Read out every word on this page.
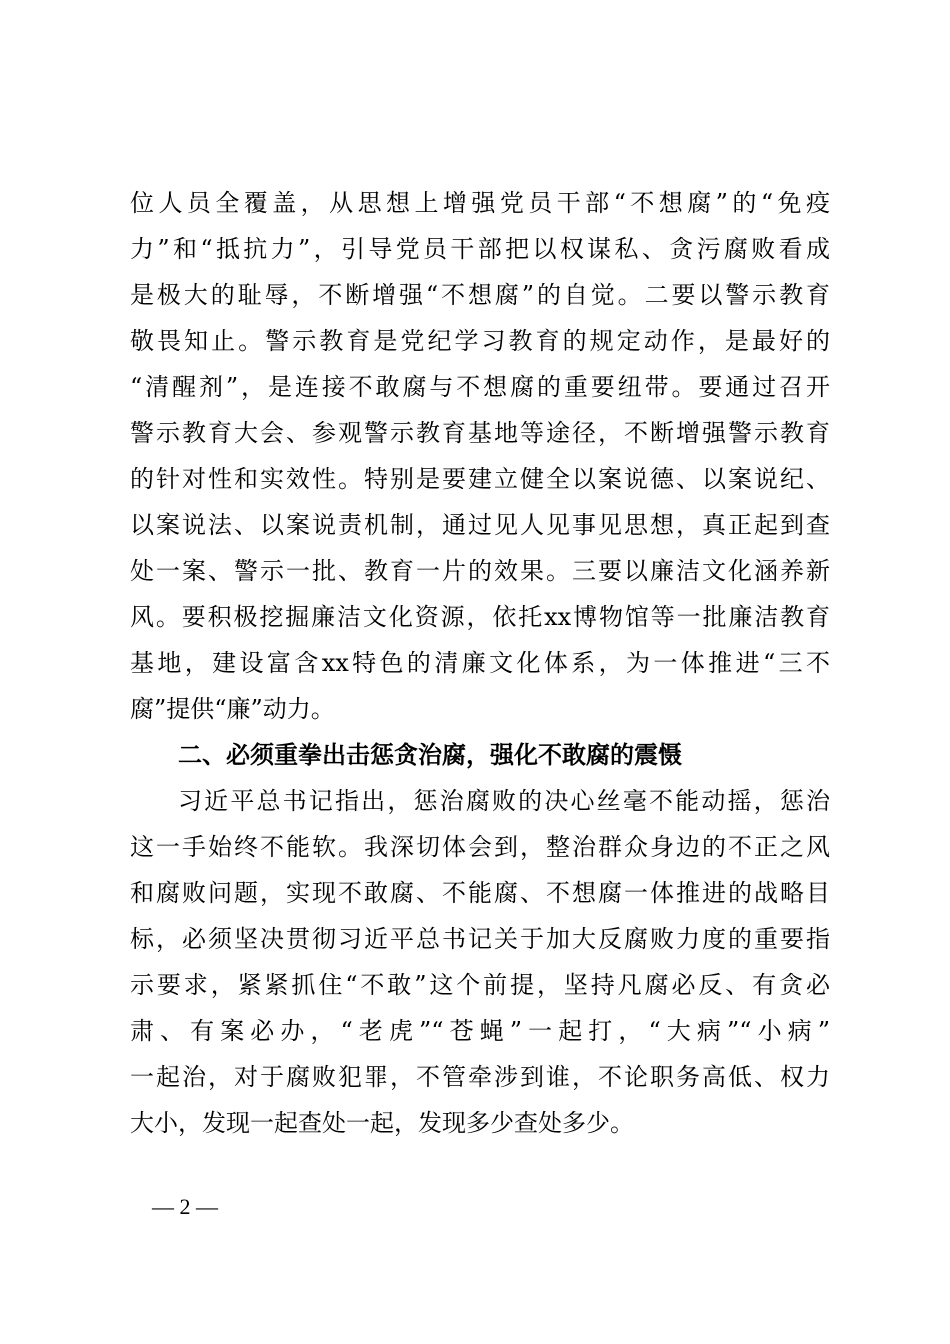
位人员全覆盖，从思想上增强党员干部“不想腐”的“免疫
力”和“抵抗力”，引导党员干部把以权谋私、贪污腐败看成
是极大的耻辱，不断增强“不想腐”的自觉。二要以警示教育
敬畏知止。警示教育是党纪学习教育的规定动作，是最好的
“清醒剂”，是连接不敢腐与不想腐的重要纽带。要通过召开
警示教育大会、参观警示教育基地等途径，不断增强警示教育
的针对性和实效性。特别是要建立健全以案说德、以案说纪、
以案说法、以案说责机制，通过见人见事见思想，真正起到查
处一案、警示一批、教育一片的效果。三要以廉洁文化涵养新
风。要积极挖掘廉洁文化资源，依托xx博物馆等一批廉洁教育
基地，建设富含xx特色的清廉文化体系，为一体推进“三不
腐”提供“廉”动力。
二、必须重拳出击惩贪治腐，强化不敢腐的震慑
习近平总书记指出，惩治腐败的决心丝毫不能动摇，惩治
这一手始终不能软。我深切体会到，整治群众身边的不正之风
和腐败问题，实现不敢腐、不能腐、不想腐一体推进的战略目
标，必须坚决贯彻习近平总书记关于加大反腐败力度的重要指
示要求，紧紧抓住“不敢”这个前提，坚持凡腐必反、有贪必
肃、有案必办，“老虎”“苍蝇”一起打，“大病”“小病”
一起治，对于腐败犯罪，不管牵涉到谁，不论职务高低、权力
大小，发现一起查处一起，发现多少查处多少。
— 2 —
